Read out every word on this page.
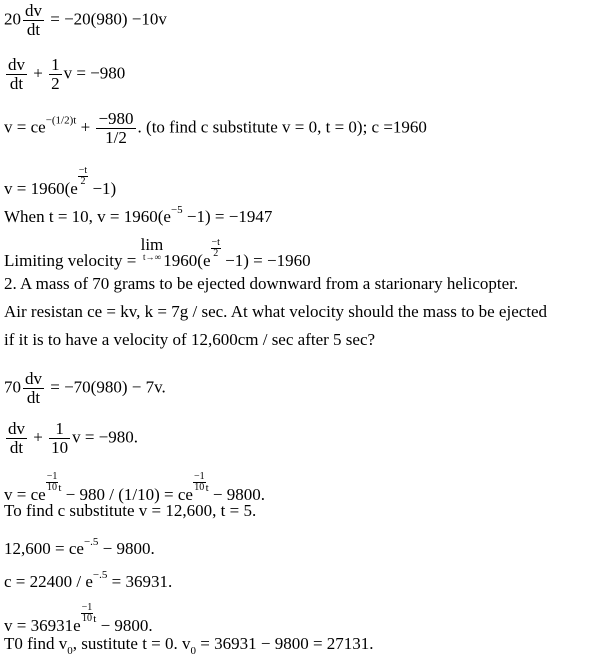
$20 \frac{dv}{dt} = -20(980) -10v$
$\frac{dv}{dt} + \frac{1}{2}$ v = −980
$v = ce^{-(1/2)t} + \frac{-980}{1/2}$ . (to find c substitute v = 0, t = 0); c =1960
v = 1960(e
$\frac{-t}{2}$
−1)
When t = 10, $v = 1960(e^{-5} -1) = -1947$
Limiting velocity =
lim
t→∞ 1960(e
$\frac{-t}{2}$
−1) = −1960
2. A mass of 70 grams to be ejected downward from a starionary helicopter.
Air resistan ce = kv, k = 7g / sec. At what velocity should the mass to be ejected
if it is to have a velocity of 12,600cm / sec after 5 sec?
$70 \frac{dv}{dt} = -70(980) - 7v$.
$\frac{dv}{dt} + \frac{1}{10}$ v = −980.
v = ce
$\frac{-1}{10} ^t - 980 / (1/10)$ = ce
$\frac{-1}{10} ^t - 9800$.
To find c substitute v = 12,600, t = 5.
$12,600 = ce^{-.5} - 9800$.
$c = 22400 / e^{-.5} = 36931$.
v = 36931e
$\frac{-1}{10} ^t - 9800$.
T0 find $v_0$, sustitute t = 0. $v_0 = 36931 - 9800 = 27131$.
